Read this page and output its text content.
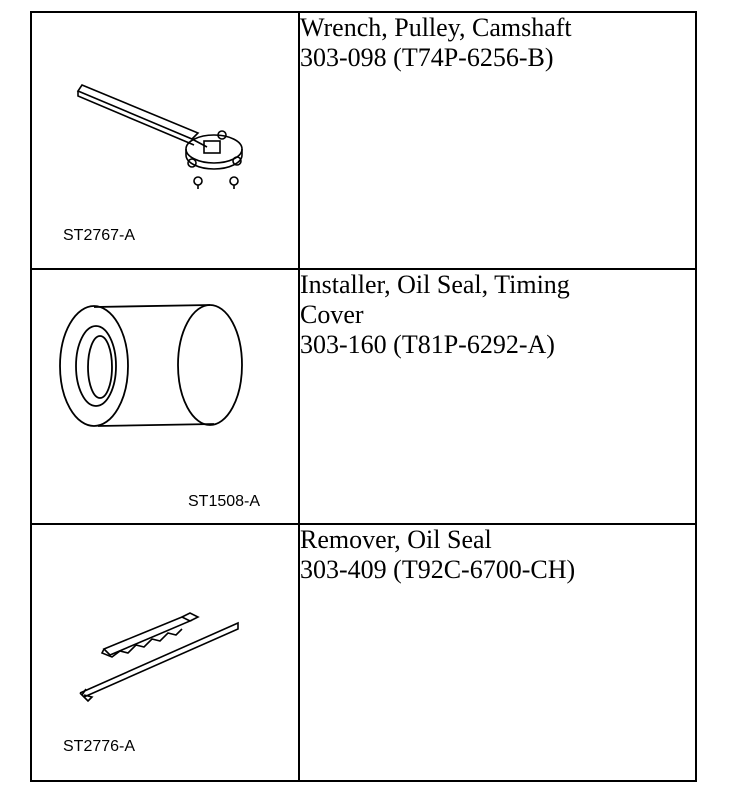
ST2767-A	Wrench, Pulley, Camshaft
303-098 (T74P-6256-B)

ST1508-A	Installer, Oil Seal, Timing
Cover
303-160 (T81P-6292-A)

ST2776-A	Remover, Oil Seal
303-409 (T92C-6700-CH)
